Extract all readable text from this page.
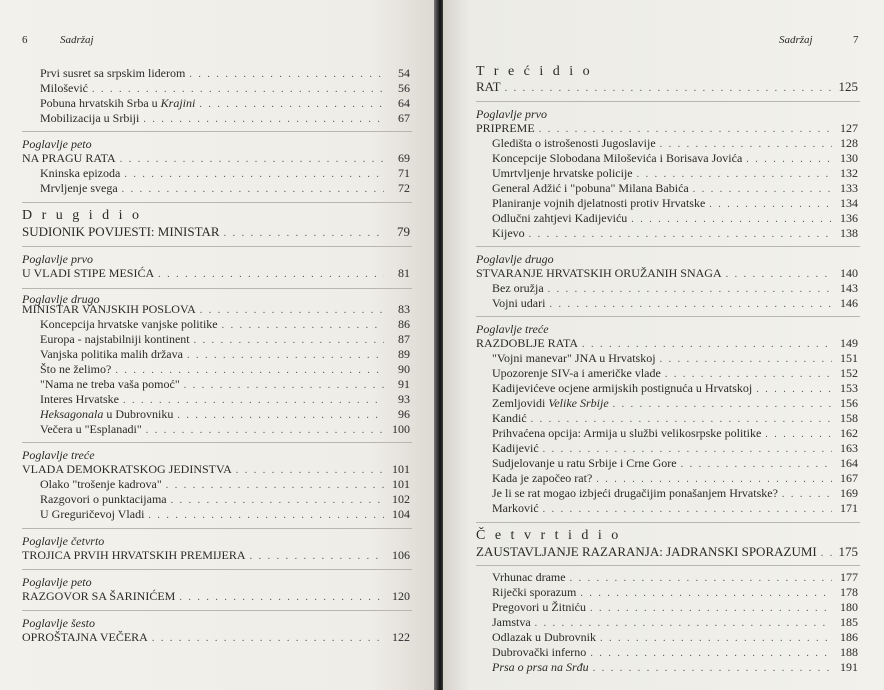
6	Sadržaj
Prvi susret sa srpskim liderom . . .	54
Milošević . . .	56
Pobuna hrvatskih Srba u Krajini . . .	64
Mobilizacija u Srbiji . . .	67
Poglavlje peto
NA PRAGU RATA . . .	69
Kninska epizoda . . .	71
Mrvljenje svega . . .	72
D r u g i d i o
SUDIONIK POVIJESTI: MINISTAR . . .	79
Poglavlje prvo
U VLADI STIPE MESIĆA . . .	81
Poglavlje drugo
MINISTAR VANJSKIH POSLOVA . . .	83
Koncepcija hrvatske vanjske politike . . .	86
Europa - najstabilniji kontinent . . .	87
Vanjska politika malih država . . .	89
Što ne želimo? . . .	90
"Nama ne treba vaša pomoć" . . .	91
Interes Hrvatske . . .	93
Heksagonala u Dubrovniku . . .	96
Večera u "Esplanadi" . . .	100
Poglavlje treće
VLADA DEMOKRATSKOG JEDINSTVA . . .	101
Olako "trošenje kadrova" . . .	101
Razgovori o punktacijama . . .	102
U Greguričevoj Vladi . . .	104
Poglavlje četvrto
TROJICA PRVIH HRVATSKIH PREMIJERA . . .	106
Poglavlje peto
RAZGOVOR SA ŠARINIĆEM . . .	120
Poglavlje šesto
OPROŠTAJNA VEČERA . . .	122
Sadržaj	7
T r e ć i d i o
RAT . . .	125
Poglavlje prvo
PRIPREME . . .	127
Gledišta o istrošenosti Jugoslavije . . .	128
Koncepcije Slobodana Miloševića i Borisava Jovića . . .	130
Umrtvljenje hrvatske policije . . .	132
General Adžić i "pobuna" Milana Babića . . .	133
Planiranje vojnih djelatnosti protiv Hrvatske . . .	134
Odlučni zahtjevi Kadijeviću . . .	136
Kijevo . . .	138
Poglavlje drugo
STVARANJE HRVATSKIH ORUŽANIH SNAGA . . .	140
Bez oružja . . .	143
Vojni udari . . .	146
Poglavlje treće
RAZDOBLJE RATA . . .	149
"Vojni manevar" JNA u Hrvatskoj . . .	151
Upozorenje SIV-a i američke vlade . . .	152
Kadijevićeve ocjene armijskih postignuća u Hrvatskoj . . .	153
Zemljovidi Velike Srbije . . .	156
Kandić . . .	158
Prihvaćena opcija: Armija u službi velikosrpske politike . . .	162
Kadijević . . .	163
Sudjelovanje u ratu Srbije i Crne Gore . . .	164
Kada je započeo rat? . . .	167
Je li se rat mogao izbjeći drugačijim ponašanjem Hrvatske? . . .	169
Marković . . .	171
Č e t v r t i d i o
ZAUSTAVLJANJE RAZARANJA: JADRANSKI SPORAZUMI . . . 175
Vrhunac drame . . .	177
Riječki sporazum . . .	178
Pregovori u Žitniću . . .	180
Jamstva . . .	185
Odlazak u Dubrovnik . . .	186
Dubrovački inferno . . .	188
Prsa o prsa na Srđu . . .	191
